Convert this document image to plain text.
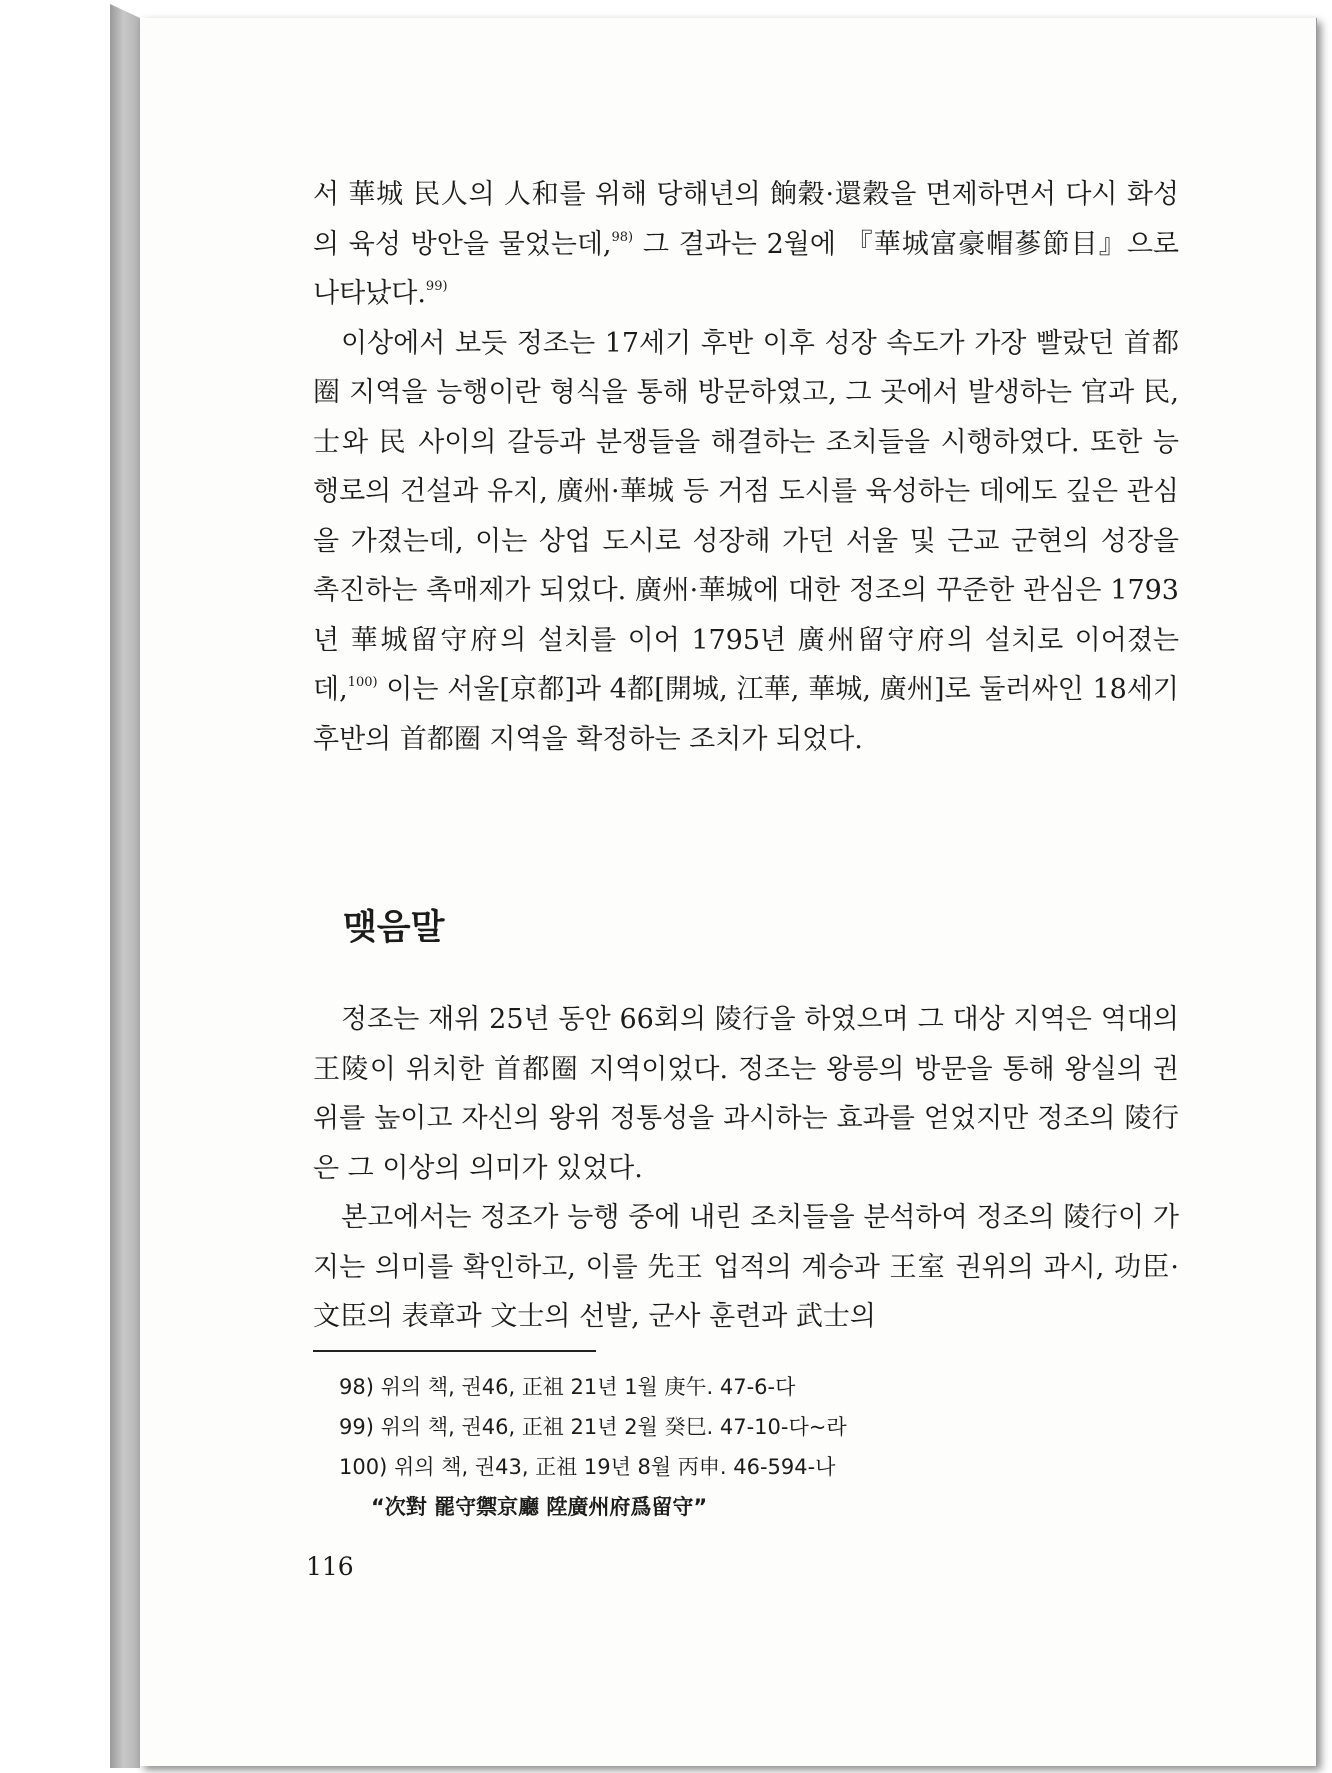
서 華城 民人의 人和를 위해 당해년의 餉穀·還穀을 면제하면서 다시 화성의 육성 방안을 물었는데,$^{98)}$ 그 결과는 2월에 『華城富豪帽蔘節目』으로 나타났다.$^{99)}$

이상에서 보듯 정조는 17세기 후반 이후 성장 속도가 가장 빨랐던 首都圈 지역을 능행이란 형식을 통해 방문하였고, 그 곳에서 발생하는 官과 民, 士와 民 사이의 갈등과 분쟁들을 해결하는 조치들을 시행하였다. 또한 능행로의 건설과 유지, 廣州·華城 등 거점 도시를 육성하는 데에도 깊은 관심을 가졌는데, 이는 상업 도시로 성장해 가던 서울 및 근교 군현의 성장을 촉진하는 촉매제가 되었다. 廣州·華城에 대한 정조의 꾸준한 관심은 1793년 華城留守府의 설치를 이어 1795년 廣州留守府의 설치로 이어졌는데,$^{100)}$ 이는 서울[京都]과 4都[開城, 江華, 華城, 廣州]로 둘러싸인 18세기 후반의 首都圈 지역을 확정하는 조치가 되었다.

맺음말

정조는 재위 25년 동안 66회의 陵行을 하였으며 그 대상 지역은 역대의 王陵이 위치한 首都圈 지역이었다. 정조는 왕릉의 방문을 통해 왕실의 권위를 높이고 자신의 왕위 정통성을 과시하는 효과를 얻었지만 정조의 陵行은 그 이상의 의미가 있었다.

본고에서는 정조가 능행 중에 내린 조치들을 분석하여 정조의 陵行이 가지는 의미를 확인하고, 이를 先王 업적의 계승과 王室 권위의 과시, 功臣·文臣의 表章과 文士의 선발, 군사 훈련과 武士의

98) 위의 책, 권46, 正祖 21년 1월 庚午. 47-6-다

99) 위의 책, 권46, 正祖 21년 2월 癸巳. 47-10-다~라

100) 위의 책, 권43, 正祖 19년 8월 丙申. 46-594-나

“次對 罷守禦京廳 陞廣州府爲留守”

116
